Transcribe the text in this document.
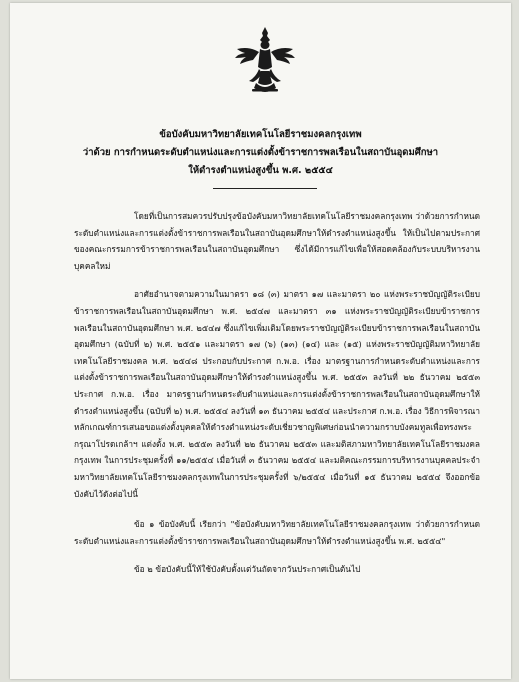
ข้อบังคับมหาวิทยาลัยเทคโนโลยีราชมงคลกรุงเทพ
ว่าด้วย การกำหนดระดับตำแหน่งและการแต่งตั้งข้าราชการพลเรือนในสถาบันอุดมศึกษา
ให้ดำรงตำแหน่งสูงขึ้น พ.ศ. ๒๕๕๔

โดยที่เป็นการสมควรปรับปรุงข้อบังคับมหาวิทยาลัยเทคโนโลยีราชมงคลกรุงเทพ ว่าด้วยการกำหนดระดับตำแหน่งและการแต่งตั้งข้าราชการพลเรือนในสถาบันอุดมศึกษาให้ดำรงตำแหน่งสูงขึ้น ให้เป็นไปตามประกาศของคณะกรรมการข้าราชการพลเรือนในสถาบันอุดมศึกษา ซึ่งได้มีการแก้ไขเพื่อให้สอดคล้องกับระบบบริหารงานบุคคลใหม่

อาศัยอำนาจตามความในมาตรา ๑๘ (๓) มาตรา ๑๗ และมาตรา ๒๐ แห่งพระราชบัญญัติระเบียบข้าราชการพลเรือนในสถาบันอุดมศึกษา พ.ศ. ๒๕๔๗ และมาตรา ๓๑ แห่งพระราชบัญญัติระเบียบข้าราชการพลเรือนในสถาบันอุดมศึกษา พ.ศ. ๒๕๔๗ ซึ่งแก้ไขเพิ่มเติมโดยพระราชบัญญัติระเบียบข้าราชการพลเรือนในสถาบันอุดมศึกษา (ฉบับที่ ๒) พ.ศ. ๒๕๕๑ และมาตรา ๑๗ (๖) (๑๓) (๑๔) และ (๑๕) แห่งพระราชบัญญัติมหาวิทยาลัยเทคโนโลยีราชมงคล พ.ศ. ๒๕๔๘ ประกอบกับประกาศ ก.พ.อ. เรื่อง มาตรฐานการกำหนดระดับตำแหน่งและการแต่งตั้งข้าราชการพลเรือนในสถาบันอุดมศึกษาให้ดำรงตำแหน่งสูงขึ้น พ.ศ. ๒๕๕๓ ลงวันที่ ๒๒ ธันวาคม ๒๕๕๓ ประกาศ ก.พ.อ. เรื่อง มาตรฐานกำหนดระดับตำแหน่งและการแต่งตั้งข้าราชการพลเรือนในสถาบันอุดมศึกษาให้ดำรงตำแหน่งสูงขึ้น (ฉบับที่ ๒) พ.ศ. ๒๕๕๔ ลงวันที่ ๑๓ ธันวาคม ๒๕๕๔ และประกาศ ก.พ.อ. เรื่อง วิธีการพิจารณาหลักเกณฑ์การเสนอขอแต่งตั้งบุคคลให้ดำรงตำแหน่งระดับเชี่ยวชาญพิเศษก่อนนำความกราบบังคมทูลเพื่อทรงพระกรุณาโปรดเกล้าฯ แต่งตั้ง พ.ศ. ๒๕๕๓ ลงวันที่ ๒๒ ธันวาคม ๒๕๕๓ และมติสภามหาวิทยาลัยเทคโนโลยีราชมงคลกรุงเทพ ในการประชุมครั้งที่ ๑๑/๒๕๕๔ เมื่อวันที่ ๓ ธันวาคม ๒๕๕๔ และมติคณะกรรมการบริหารงานบุคคลประจำมหาวิทยาลัยเทคโนโลยีราชมงคลกรุงเทพในการประชุมครั้งที่ ๖/๒๕๕๔ เมื่อวันที่ ๑๕ ธันวาคม ๒๕๕๔ จึงออกข้อบังคับไว้ดังต่อไปนี้

ข้อ ๑ ข้อบังคับนี้ เรียกว่า "ข้อบังคับมหาวิทยาลัยเทคโนโลยีราชมงคลกรุงเทพ ว่าด้วยการกำหนดระดับตำแหน่งและการแต่งตั้งข้าราชการพลเรือนในสถาบันอุดมศึกษาให้ดำรงตำแหน่งสูงขึ้น พ.ศ. ๒๕๕๔"

ข้อ ๒ ข้อบังคับนี้ให้ใช้บังคับตั้งแต่วันถัดจากวันประกาศเป็นต้นไป
